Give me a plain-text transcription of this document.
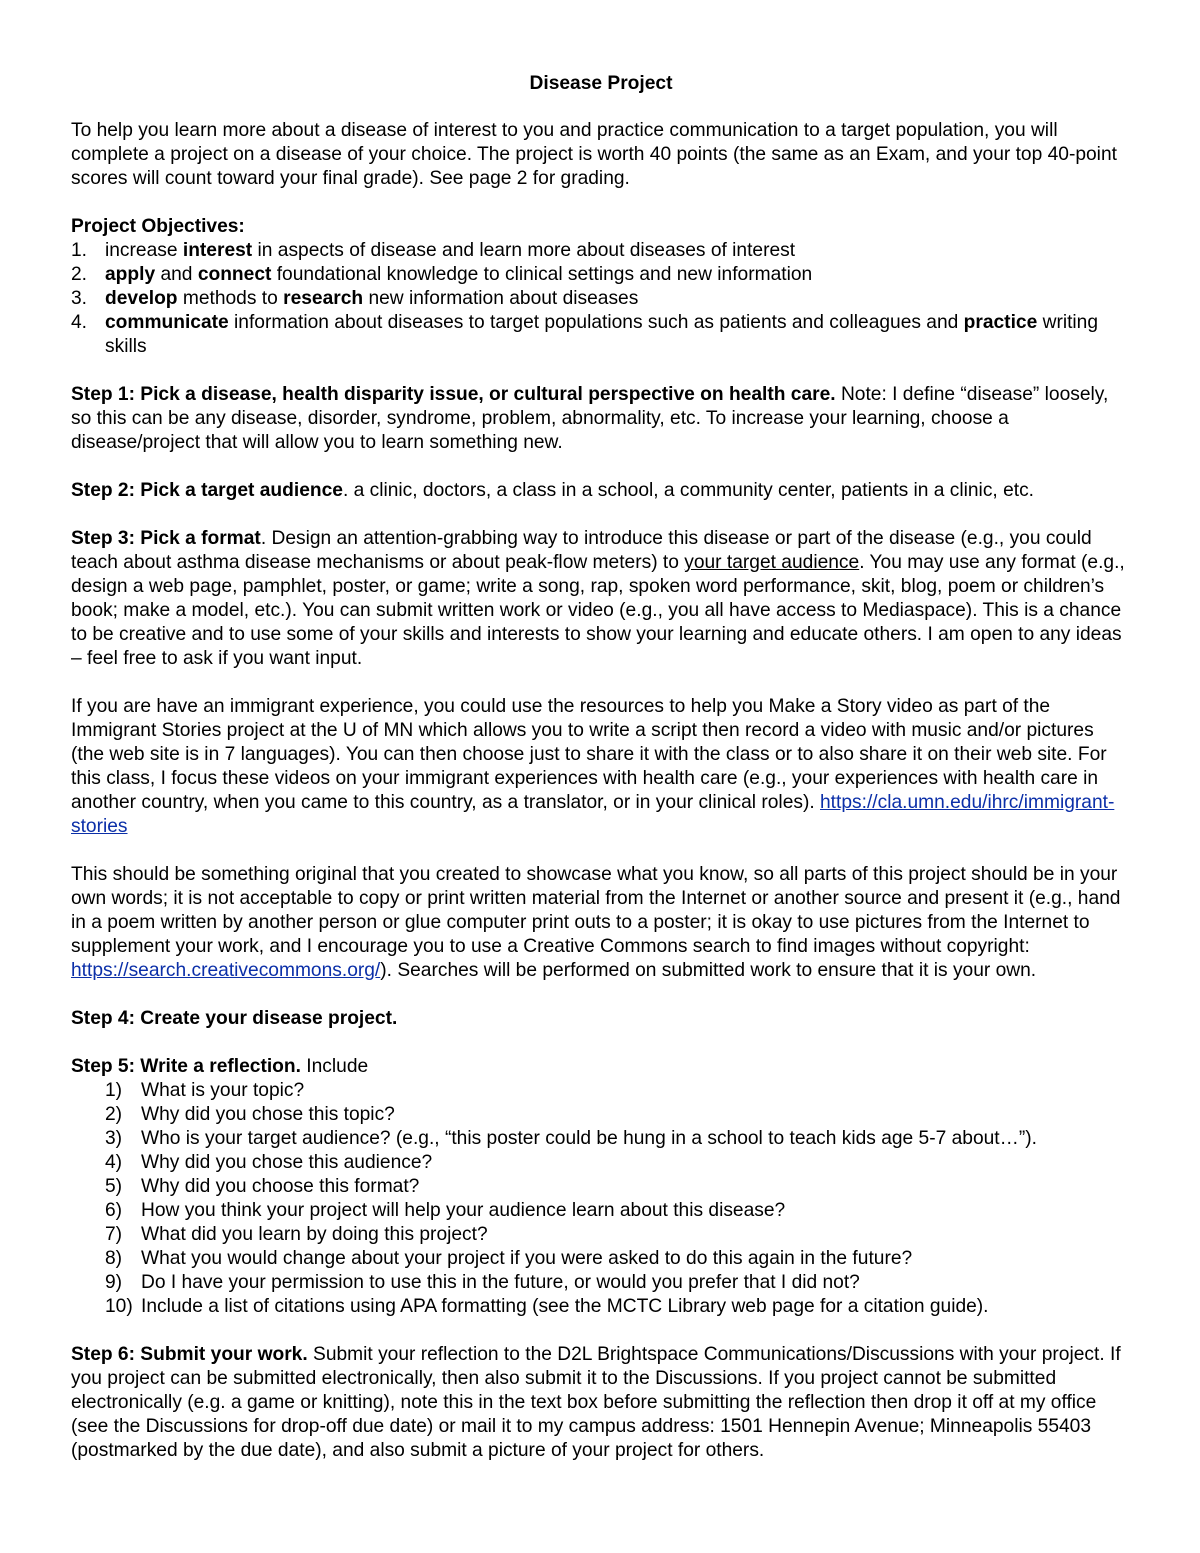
Disease Project

To help you learn more about a disease of interest to you and practice communication to a target population, you will complete a project on a disease of your choice. The project is worth 40 points (the same as an Exam, and your top 40-point scores will count toward your final grade). See page 2 for grading.

Project Objectives:
1. increase interest in aspects of disease and learn more about diseases of interest
2. apply and connect foundational knowledge to clinical settings and new information
3. develop methods to research new information about diseases
4. communicate information about diseases to target populations such as patients and colleagues and practice writing skills

Step 1: Pick a disease, health disparity issue, or cultural perspective on health care. Note: I define “disease” loosely, so this can be any disease, disorder, syndrome, problem, abnormality, etc. To increase your learning, choose a disease/project that will allow you to learn something new.

Step 2: Pick a target audience. a clinic, doctors, a class in a school, a community center, patients in a clinic, etc.

Step 3: Pick a format. Design an attention-grabbing way to introduce this disease or part of the disease (e.g., you could teach about asthma disease mechanisms or about peak-flow meters) to your target audience. You may use any format (e.g., design a web page, pamphlet, poster, or game; write a song, rap, spoken word performance, skit, blog, poem or children’s book; make a model, etc.). You can submit written work or video (e.g., you all have access to Mediaspace). This is a chance to be creative and to use some of your skills and interests to show your learning and educate others. I am open to any ideas – feel free to ask if you want input.

If you are have an immigrant experience, you could use the resources to help you Make a Story video as part of the Immigrant Stories project at the U of MN which allows you to write a script then record a video with music and/or pictures (the web site is in 7 languages). You can then choose just to share it with the class or to also share it on their web site. For this class, I focus these videos on your immigrant experiences with health care (e.g., your experiences with health care in another country, when you came to this country, as a translator, or in your clinical roles). https://cla.umn.edu/ihrc/immigrant-stories

This should be something original that you created to showcase what you know, so all parts of this project should be in your own words; it is not acceptable to copy or print written material from the Internet or another source and present it (e.g., hand in a poem written by another person or glue computer print outs to a poster; it is okay to use pictures from the Internet to supplement your work, and I encourage you to use a Creative Commons search to find images without copyright: https://search.creativecommons.org/). Searches will be performed on submitted work to ensure that it is your own.

Step 4: Create your disease project.

Step 5: Write a reflection. Include

1) What is your topic?
2) Why did you chose this topic?
3) Who is your target audience? (e.g., “this poster could be hung in a school to teach kids age 5-7 about…”).
4) Why did you chose this audience?
5) Why did you choose this format?
6) How you think your project will help your audience learn about this disease?
7) What did you learn by doing this project?
8) What you would change about your project if you were asked to do this again in the future?
9) Do I have your permission to use this in the future, or would you prefer that I did not?
10) Include a list of citations using APA formatting (see the MCTC Library web page for a citation guide).

Step 6: Submit your work. Submit your reflection to the D2L Brightspace Communications/Discussions with your project. If you project can be submitted electronically, then also submit it to the Discussions. If you project cannot be submitted electronically (e.g. a game or knitting), note this in the text box before submitting the reflection then drop it off at my office (see the Discussions for drop-off due date) or mail it to my campus address: 1501 Hennepin Avenue; Minneapolis 55403 (postmarked by the due date), and also submit a picture of your project for others.
